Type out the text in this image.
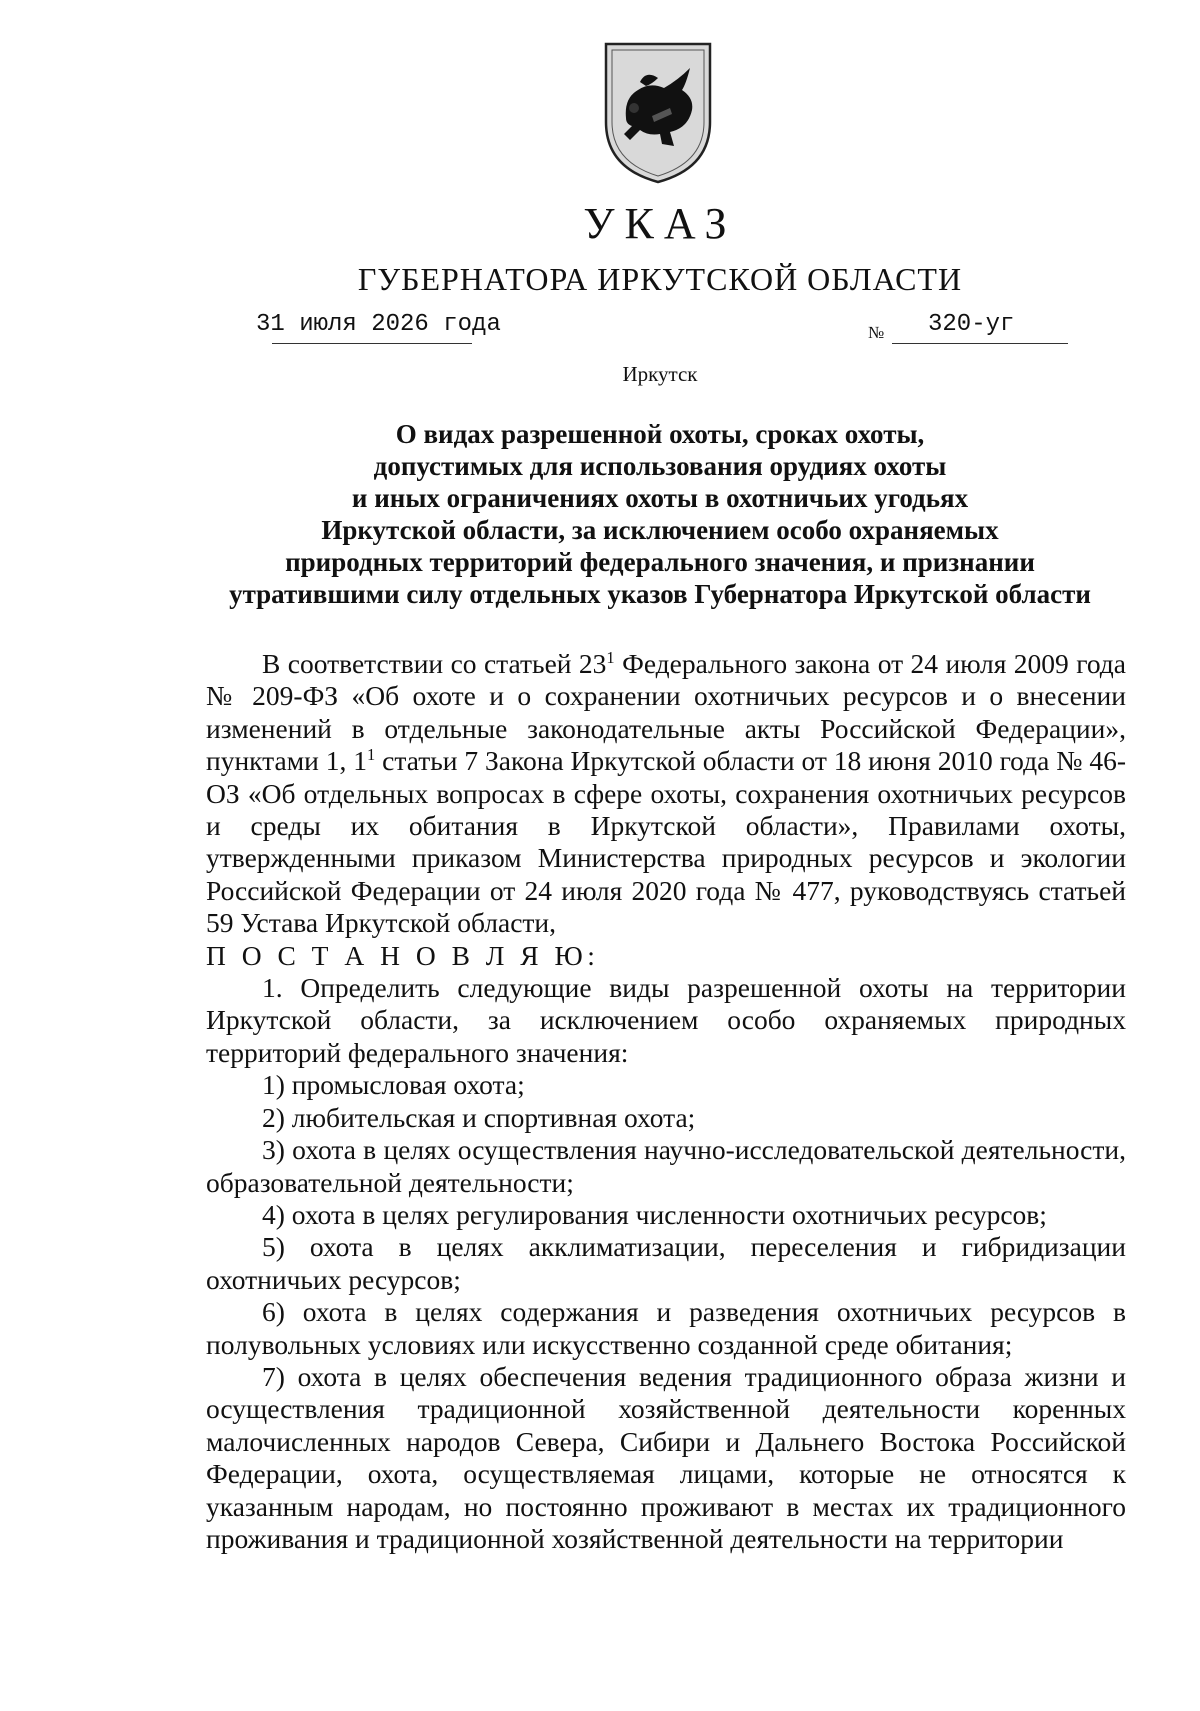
УКАЗ
ГУБЕРНАТОРА ИРКУТСКОЙ ОБЛАСТИ
31 июля 2026 года	№ 320-уг
Иркутск
О видах разрешенной охоты, сроках охоты,
допустимых для использования орудиях охоты
и иных ограничениях охоты в охотничьих угодьях
Иркутской области, за исключением особо охраняемых
природных территорий федерального значения, и признании
утратившими силу отдельных указов Губернатора Иркутской области

В соответствии со статьей $23^1$ Федерального закона от 24 июля 2009 года № 209-ФЗ «Об охоте и о сохранении охотничьих ресурсов и о внесении изменений в отдельные законодательные акты Российской Федерации», пунктами 1, $1^1$ статьи 7 Закона Иркутской области от 18 июня 2010 года № 46-ОЗ «Об отдельных вопросах в сфере охоты, сохранения охотничьих ресурсов и среды их обитания в Иркутской области», Правилами охоты, утвержденными приказом Министерства природных ресурсов и экологии Российской Федерации от 24 июля 2020 года № 477, руководствуясь статьей 59 Устава Иркутской области,

П О С Т А Н О В Л Я Ю:

1. Определить следующие виды разрешенной охоты на территории Иркутской области, за исключением особо охраняемых природных территорий федерального значения:

1) промысловая охота;

2) любительская и спортивная охота;

3) охота в целях осуществления научно-исследовательской деятельности, образовательной деятельности;

4) охота в целях регулирования численности охотничьих ресурсов;

5) охота в целях акклиматизации, переселения и гибридизации охотничьих ресурсов;

6) охота в целях содержания и разведения охотничьих ресурсов в полувольных условиях или искусственно созданной среде обитания;

7) охота в целях обеспечения ведения традиционного образа жизни и осуществления традиционной хозяйственной деятельности коренных малочисленных народов Севера, Сибири и Дальнего Востока Российской Федерации, охота, осуществляемая лицами, которые не относятся к указанным народам, но постоянно проживают в местах их традиционного проживания и традиционной хозяйственной деятельности на территории
